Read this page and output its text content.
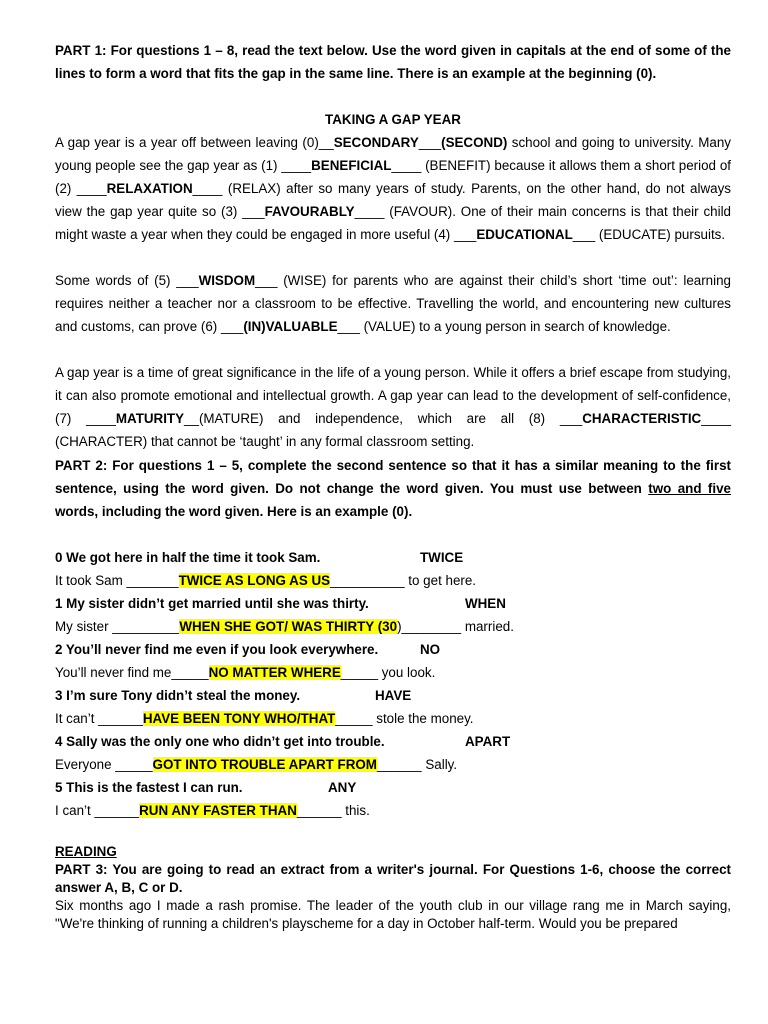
PART 1: For questions 1 – 8, read the text below. Use the word given in capitals at the end of some of the lines to form a word that fits the gap in the same line. There is an example at the beginning (0).

TAKING A GAP YEAR

A gap year is a year off between leaving (0)__SECONDARY___(SECOND) school and going to university. Many young people see the gap year as (1) ____BENEFICIAL____ (BENEFIT) because it allows them a short period of (2) ____RELAXATION____ (RELAX) after so many years of study. Parents, on the other hand, do not always view the gap year quite so (3) ___FAVOURABLY____ (FAVOUR). One of their main concerns is that their child might waste a year when they could be engaged in more useful (4) ___EDUCATIONAL___ (EDUCATE) pursuits.

Some words of (5) ___WISDOM___ (WISE) for parents who are against their child’s short ‘time out’: learning requires neither a teacher nor a classroom to be effective. Travelling the world, and encountering new cultures and customs, can prove (6) ___(IN)VALUABLE___ (VALUE) to a young person in search of knowledge.

A gap year is a time of great significance in the life of a young person. While it offers a brief escape from studying, it can also promote emotional and intellectual growth. A gap year can lead to the development of self-confidence, (7) ____MATURITY__(MATURE) and independence, which are all (8) ___CHARACTERISTIC____ (CHARACTER) that cannot be ‘taught’ in any formal classroom setting.

PART 2: For questions 1 – 5, complete the second sentence so that it has a similar meaning to the first sentence, using the word given. Do not change the word given. You must use between two and five words, including the word given. Here is an example (0).

0 We got here in half the time it took Sam.	TWICE
It took Sam _______TWICE AS LONG AS US__________ to get here.
1 My sister didn’t get married until she was thirty.	WHEN
My sister _________WHEN SHE GOT/ WAS THIRTY (30)________ married.
2 You’ll never find me even if you look everywhere.	NO
You’ll never find me_____NO MATTER WHERE_____ you look.
3 I’m sure Tony didn’t steal the money.	HAVE
It can’t ______HAVE BEEN TONY WHO/THAT_____ stole the money.
4 Sally was the only one who didn’t get into trouble.	APART
Everyone _____GOT INTO TROUBLE APART FROM______ Sally.
5 This is the fastest I can run.	ANY
I can’t ______RUN ANY FASTER THAN______ this.

READING

PART 3: You are going to read an extract from a writer's journal. For Questions 1-6, choose the correct answer A, B, C or D.

Six months ago I made a rash promise. The leader of the youth club in our village rang me in March saying, "We're thinking of running a children's playscheme for a day in October half-term. Would you be prepared
